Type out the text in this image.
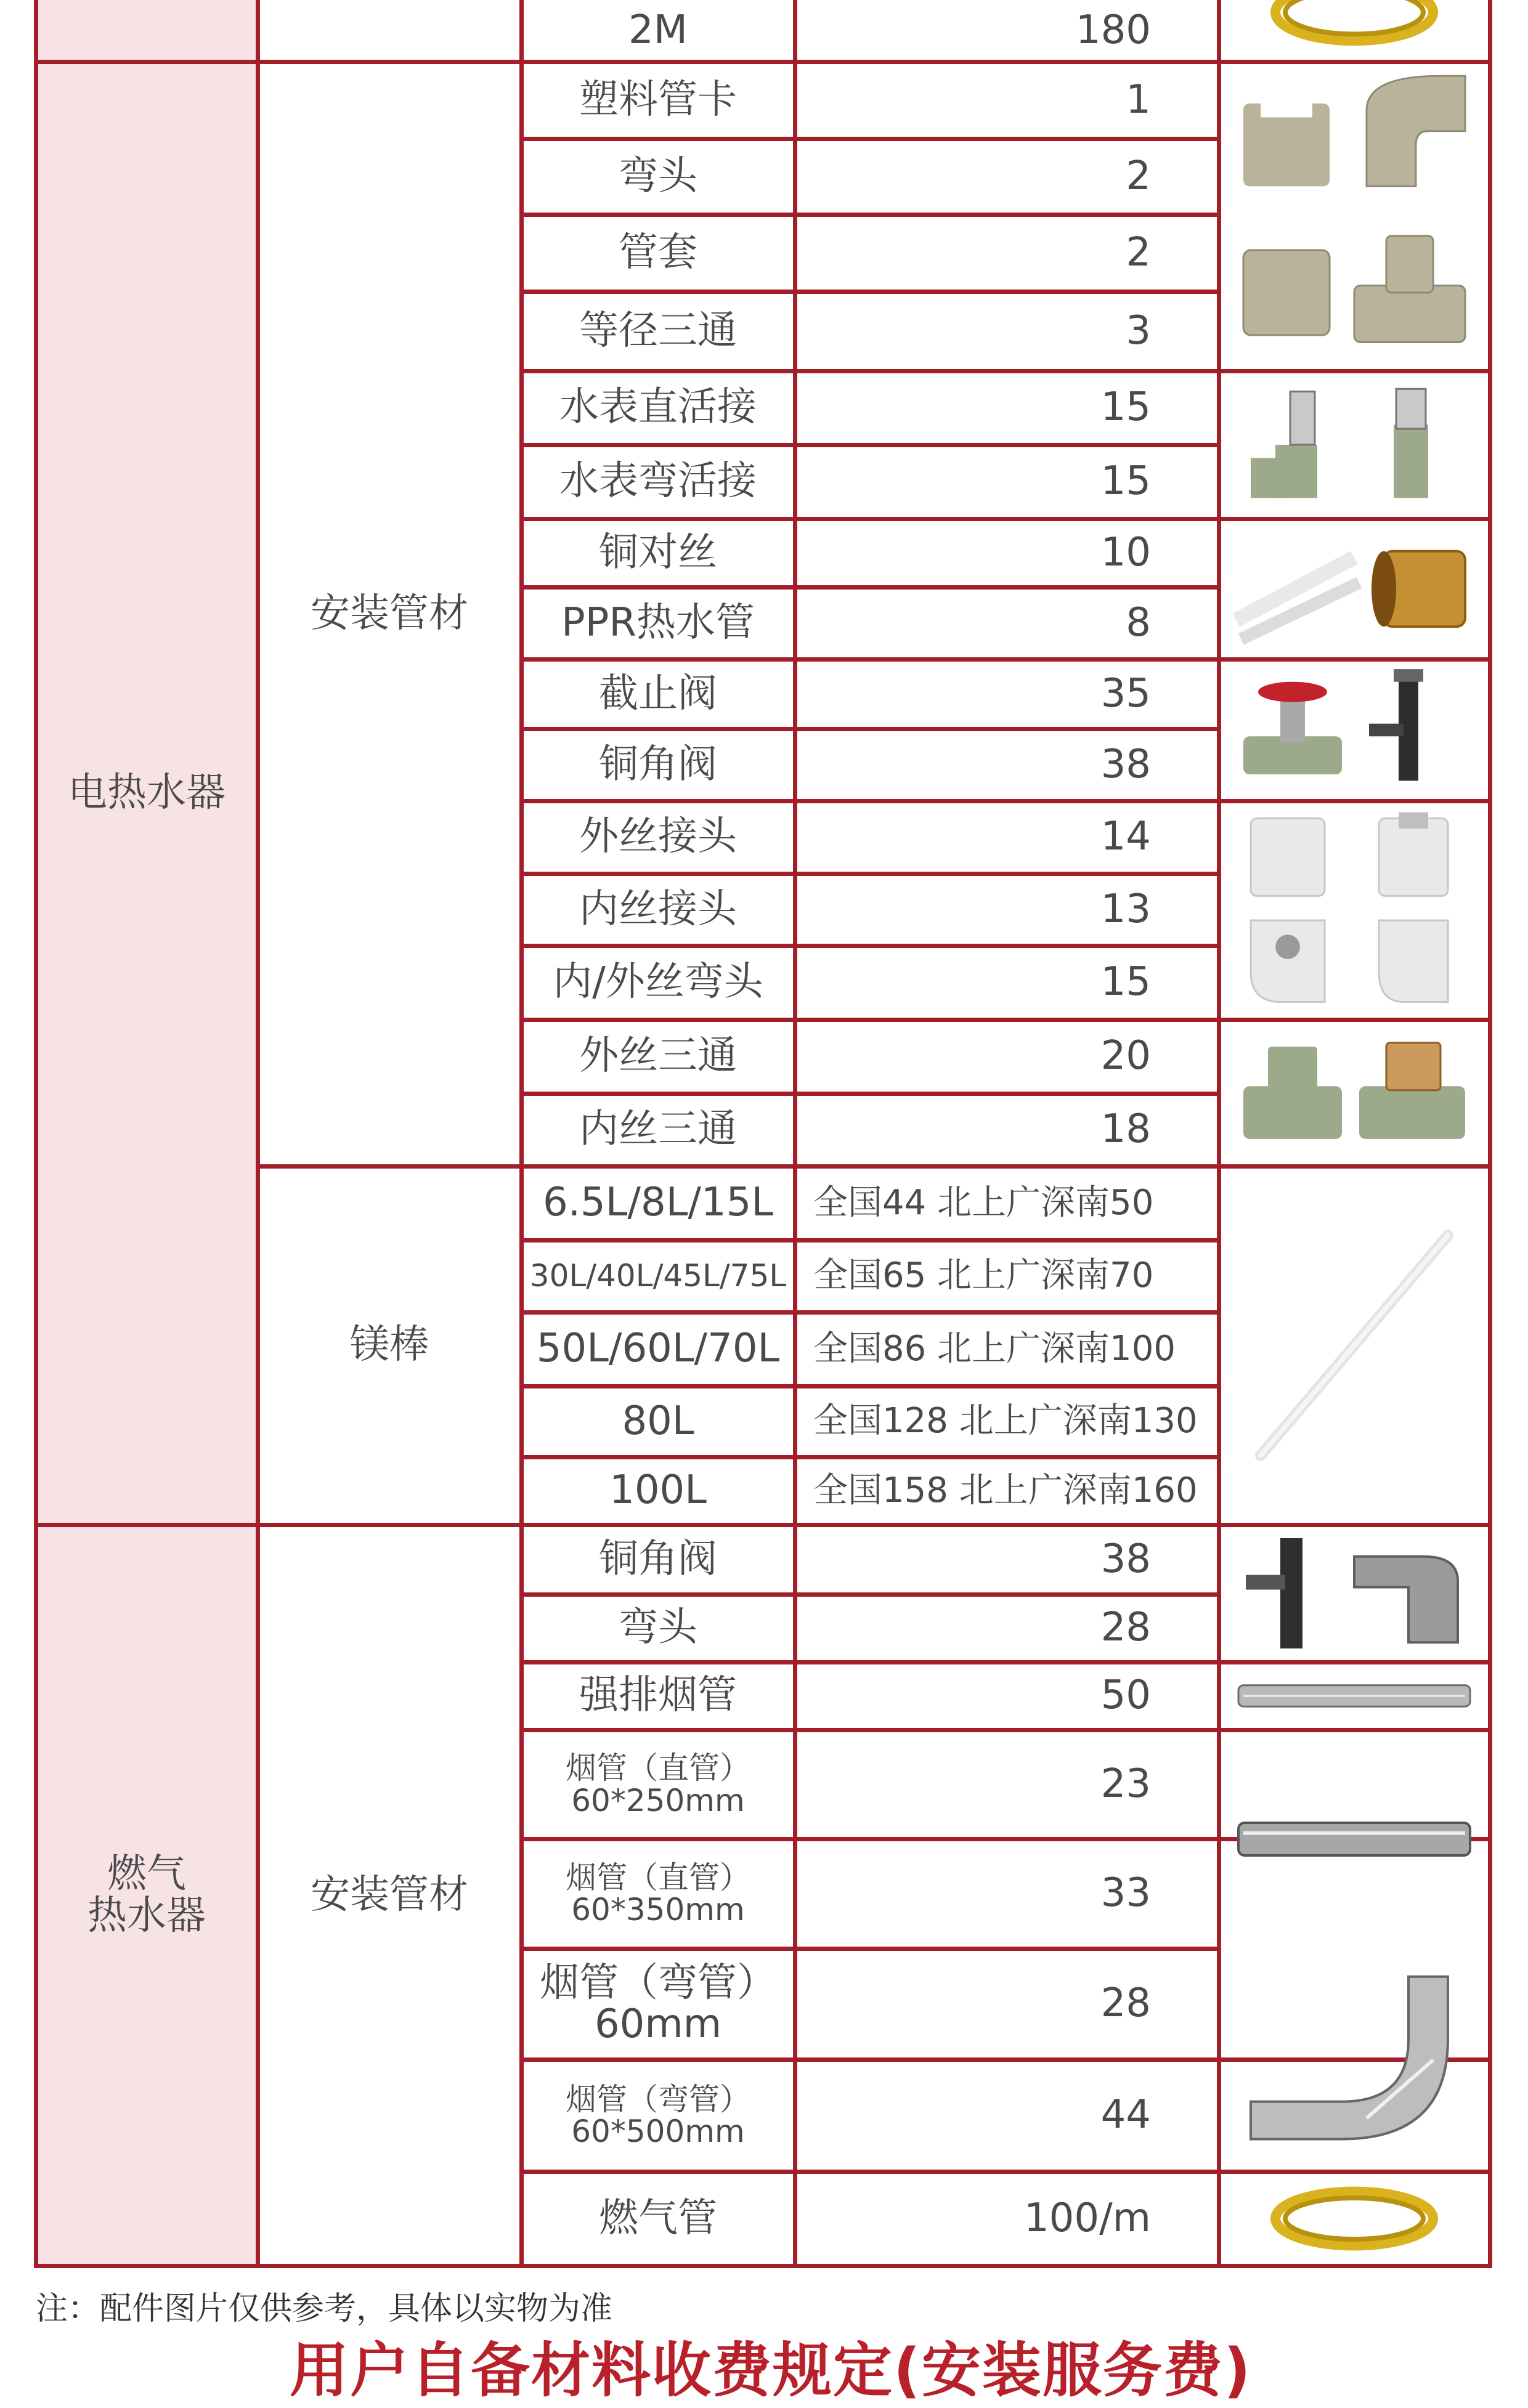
注：配件图片仅供参考，具体以实物为准
用户自备材料收费规定(安装服务费)
电热水器
燃气
热水器
安装管材
镁棒
安装管材
2M	180
塑料管卡	1
弯头	2
管套	2
等径三通	3
水表直活接	15
水表弯活接	15
铜对丝	10
PPR热水管	8
截止阀	35
铜角阀	38
外丝接头	14
内丝接头	13
内/外丝弯头	15
外丝三通	20
内丝三通	18
6.5L/8L/15L	全国44 北上广深南50
30L/40L/45L/75L 全国65 北上广深南70
50L/60L/70L 全国86 北上广深南100
80L	全国128 北上广深南130
100L	全国158 北上广深南160
铜角阀	38
弯头	28
强排烟管	50
烟管（直管）
60*250mm	23
烟管（直管）
60*350mm	33
烟管（弯管）
60mm	28
烟管（弯管）
60*500mm	44
燃气管	100/m
